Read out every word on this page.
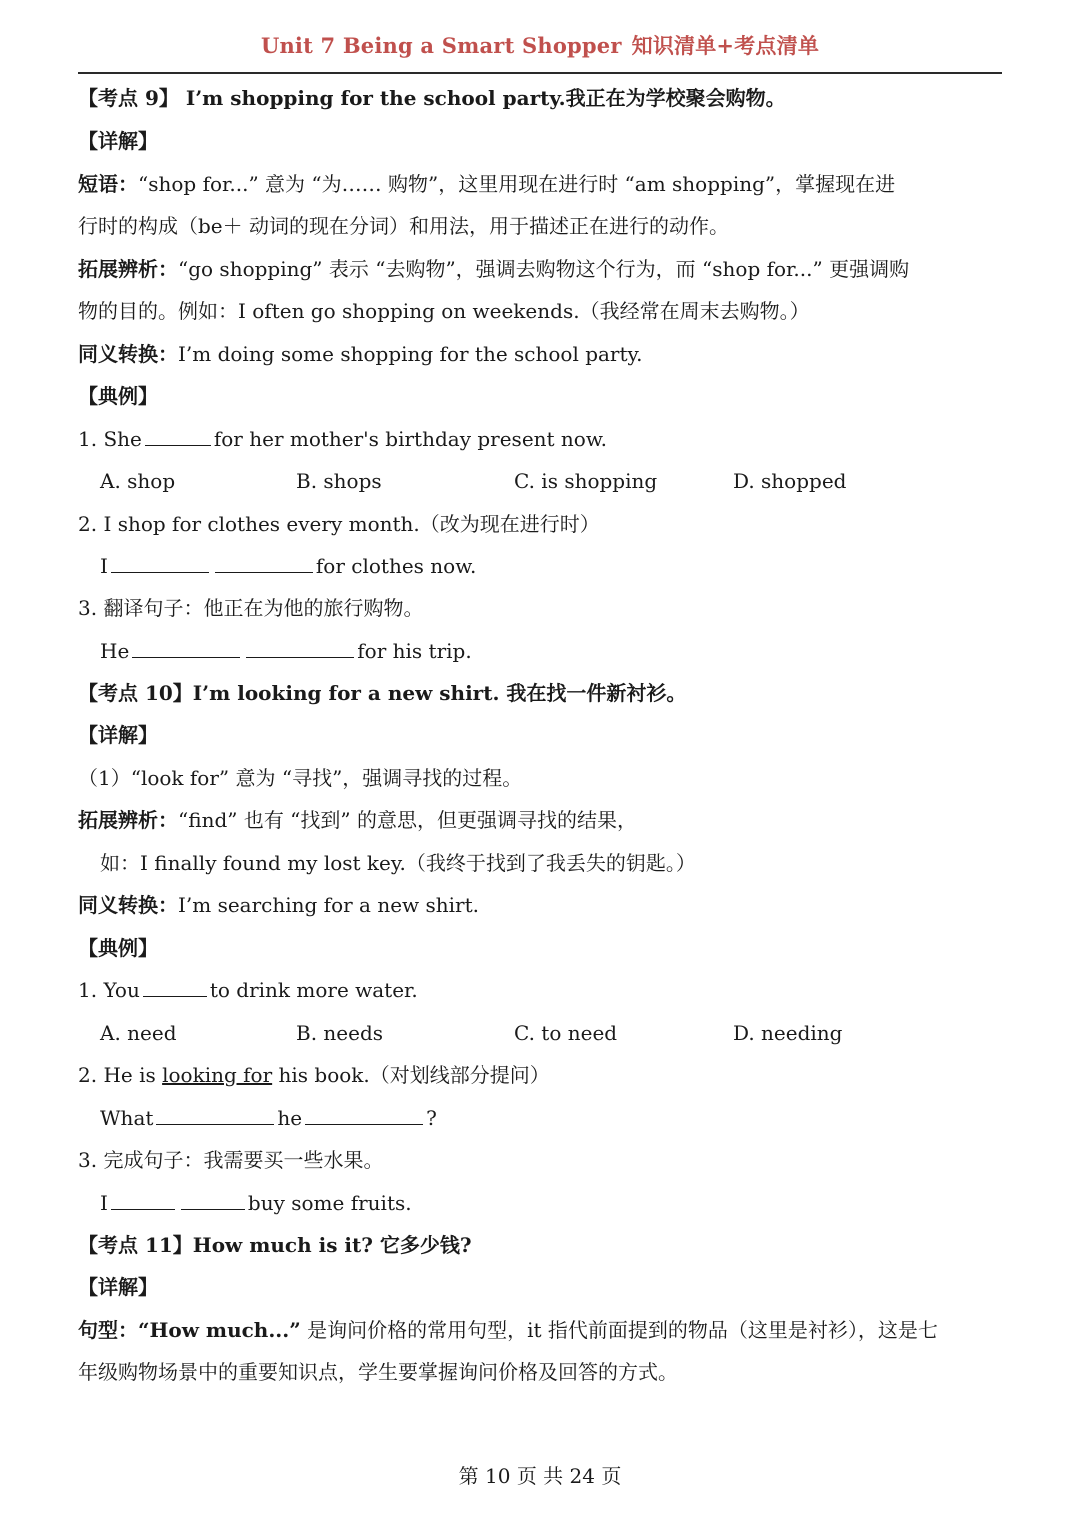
Unit 7 Being a Smart Shopper 知识清单+考点清单
【考点 9】 I’m shopping for the school party.我正在为学校聚会购物。
【详解】
短语：“shop for...” 意为 “为…… 购物”，这里用现在进行时 “am shopping”，掌握现在进
行时的构成（be＋ 动词的现在分词）和用法，用于描述正在进行的动作。
拓展辨析：“go shopping” 表示 “去购物”，强调去购物这个行为，而 “shop for...” 更强调购
物的目的。例如：I often go shopping on weekends.（我经常在周末去购物。）
同义转换：I’m doing some shopping for the school party.
【典例】
1. She	for her mother's birthday present now.
A. shop	B. shops	C. is shopping	D. shopped
2. I shop for clothes every month.（改为现在进行时）
I	for clothes now.
3. 翻译句子：他正在为他的旅行购物。
He	for his trip.
【考点 10】I’m looking for a new shirt. 我在找一件新衬衫。
【详解】
（1）“look for” 意为 “寻找”，强调寻找的过程。
拓展辨析：“find” 也有 “找到” 的意思，但更强调寻找的结果，
如：I finally found my lost key.（我终于找到了我丢失的钥匙。）
同义转换：I’m searching for a new shirt.
【典例】
1. You	to drink more water.
A. need	B. needs	C. to need	D. needing
2. He is looking for his book.（对划线部分提问）
What	he	?
3. 完成句子：我需要买一些水果。
I	buy some fruits.
【考点 11】How much is it? 它多少钱?
【详解】
句型：“How much...” 是询问价格的常用句型，it 指代前面提到的物品（这里是衬衫），这是七
年级购物场景中的重要知识点，学生要掌握询问价格及回答的方式。
第 10 页 共 24 页
